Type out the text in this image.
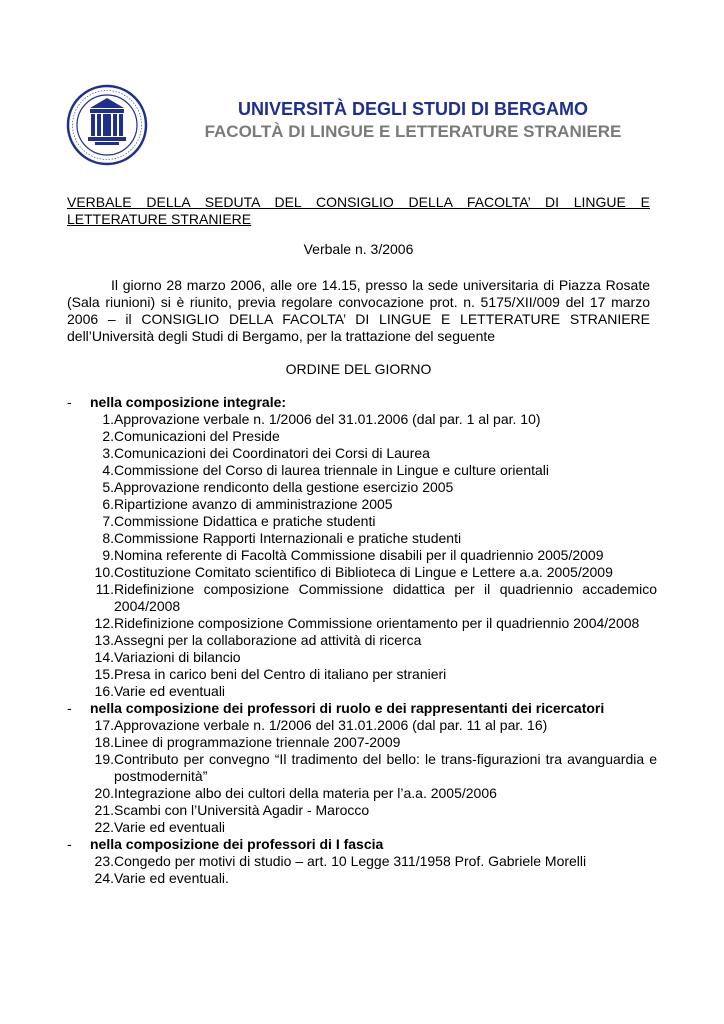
UNIVERSITÀ DEGLI STUDI DI BERGAMO
FACOLTÀ DI LINGUE E LETTERATURE STRANIERE
VERBALE DELLA SEDUTA DEL CONSIGLIO DELLA FACOLTA’ DI LINGUE E LETTERATURE STRANIERE
Verbale n. 3/2006
Il giorno 28 marzo 2006, alle ore 14.15, presso la sede universitaria di Piazza Rosate (Sala riunioni) si è riunito, previa regolare convocazione prot. n. 5175/XII/009 del 17 marzo 2006 – il CONSIGLIO DELLA FACOLTA’ DI LINGUE E LETTERATURE STRANIERE dell’Università degli Studi di Bergamo, per la trattazione del seguente
ORDINE DEL GIORNO
-	nella composizione integrale:
1. Approvazione verbale n. 1/2006 del 31.01.2006 (dal par. 1 al par. 10)
2. Comunicazioni del Preside
3. Comunicazioni dei Coordinatori dei Corsi di Laurea
4. Commissione del Corso di laurea triennale in Lingue e culture orientali
5. Approvazione rendiconto della gestione esercizio 2005
6. Ripartizione avanzo di amministrazione 2005
7. Commissione Didattica e pratiche studenti
8. Commissione Rapporti Internazionali e pratiche studenti
9. Nomina referente di Facoltà Commissione disabili per il quadriennio 2005/2009
10. Costituzione Comitato scientifico di Biblioteca di Lingue e Lettere a.a. 2005/2009
11. Ridefinizione composizione Commissione didattica per il quadriennio accademico 2004/2008
12. Ridefinizione composizione Commissione orientamento per il quadriennio 2004/2008
13. Assegni per la collaborazione ad attività di ricerca
14. Variazioni di bilancio
15. Presa in carico beni del Centro di italiano per stranieri
16. Varie ed eventuali
-	nella composizione dei professori di ruolo e dei rappresentanti dei ricercatori
17. Approvazione verbale n. 1/2006 del 31.01.2006 (dal par. 11 al par. 16)
18. Linee di programmazione triennale 2007-2009
19. Contributo per convegno “Il tradimento del bello: le trans-figurazioni tra avanguardia e postmodernità”
20. Integrazione albo dei cultori della materia per l’a.a. 2005/2006
21. Scambi con l’Università Agadir - Marocco
22. Varie ed eventuali
-	nella composizione dei professori di I fascia
23. Congedo per motivi di studio – art. 10 Legge 311/1958 Prof. Gabriele Morelli
24. Varie ed eventuali.
